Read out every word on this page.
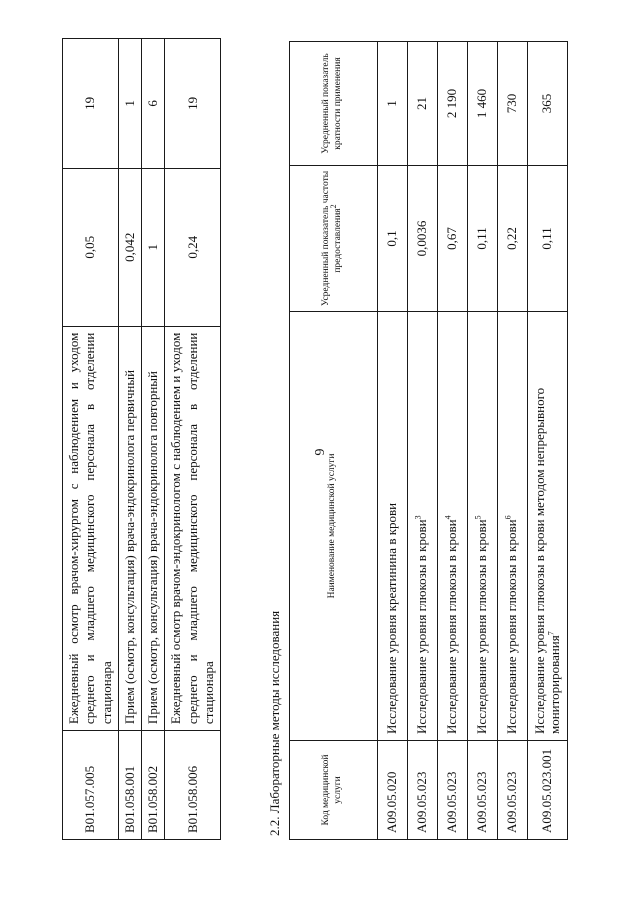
6
B01.057.005	Ежедневный осмотр врачом-хирургом с наблюдением и уходом среднего и младшего медицинского персонала в отделении стационара	0,05	19
B01.058.001	Прием (осмотр, консультация) врача-эндокринолога первичный	0,042	1
B01.058.002	Прием (осмотр, консультация) врача-эндокринолога повторный	1	6
B01.058.006	Ежедневный осмотр врачом-эндокринологом с наблюдением и уходом среднего и младшего медицинского персонала в отделении стационара	0,24	19
2.2. Лабораторные методы исследования	Код медицинской услуги	Наименование медицинской услуги	Усредненный показатель частоты предоставления$^2$	Усредненный показатель кратности применения
A09.05.020	Исследование уровня креатинина в крови	0,1	1
A09.05.023	Исследование уровня глюкозы в крови$^3$	0,0036	21
A09.05.023	Исследование уровня глюкозы в крови$^4$	0,67	2 190
A09.05.023	Исследование уровня глюкозы в крови$^5$	0,11	1 460
A09.05.023	Исследование уровня глюкозы в крови$^6$	0,22	730
A09.05.023.001	Исследование уровня глюкозы в крови методом непрерывного мониторирования$^7$	0,11	365
